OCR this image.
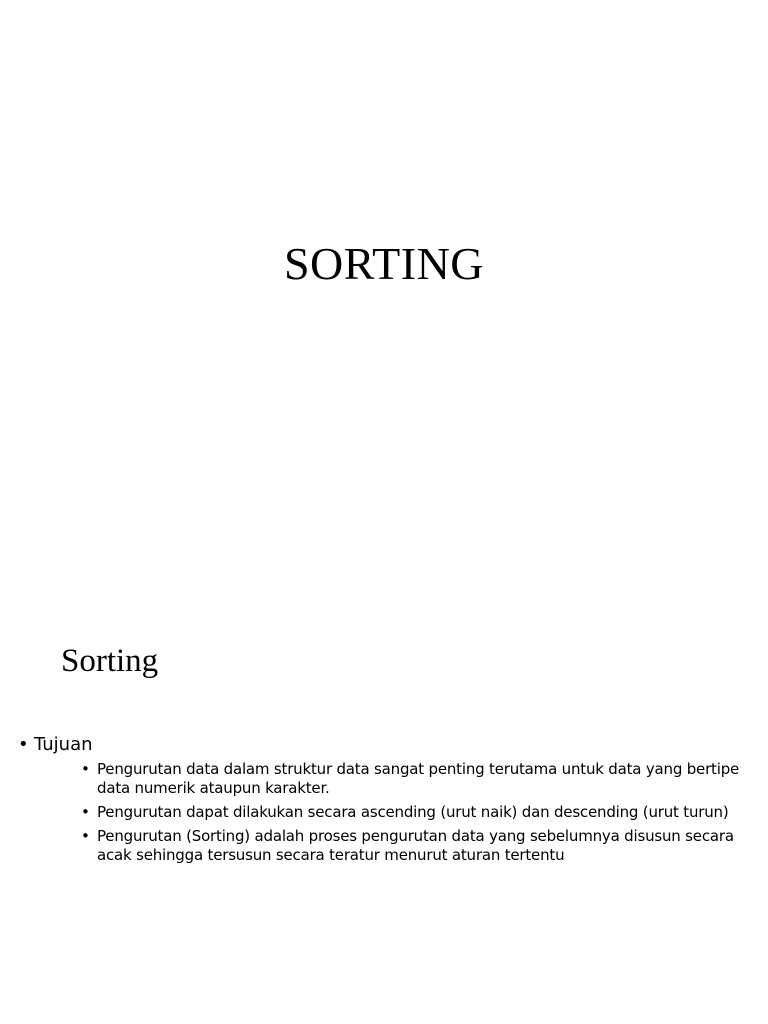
SORTING
Sorting
• Tujuan
• Pengurutan data dalam struktur data sangat penting terutama untuk data yang bertipe data numerik ataupun karakter.
• Pengurutan dapat dilakukan secara ascending (urut naik) dan descending (urut turun)
• Pengurutan (Sorting) adalah proses pengurutan data yang sebelumnya disusun secara acak sehingga tersusun secara teratur menurut aturan tertentu
